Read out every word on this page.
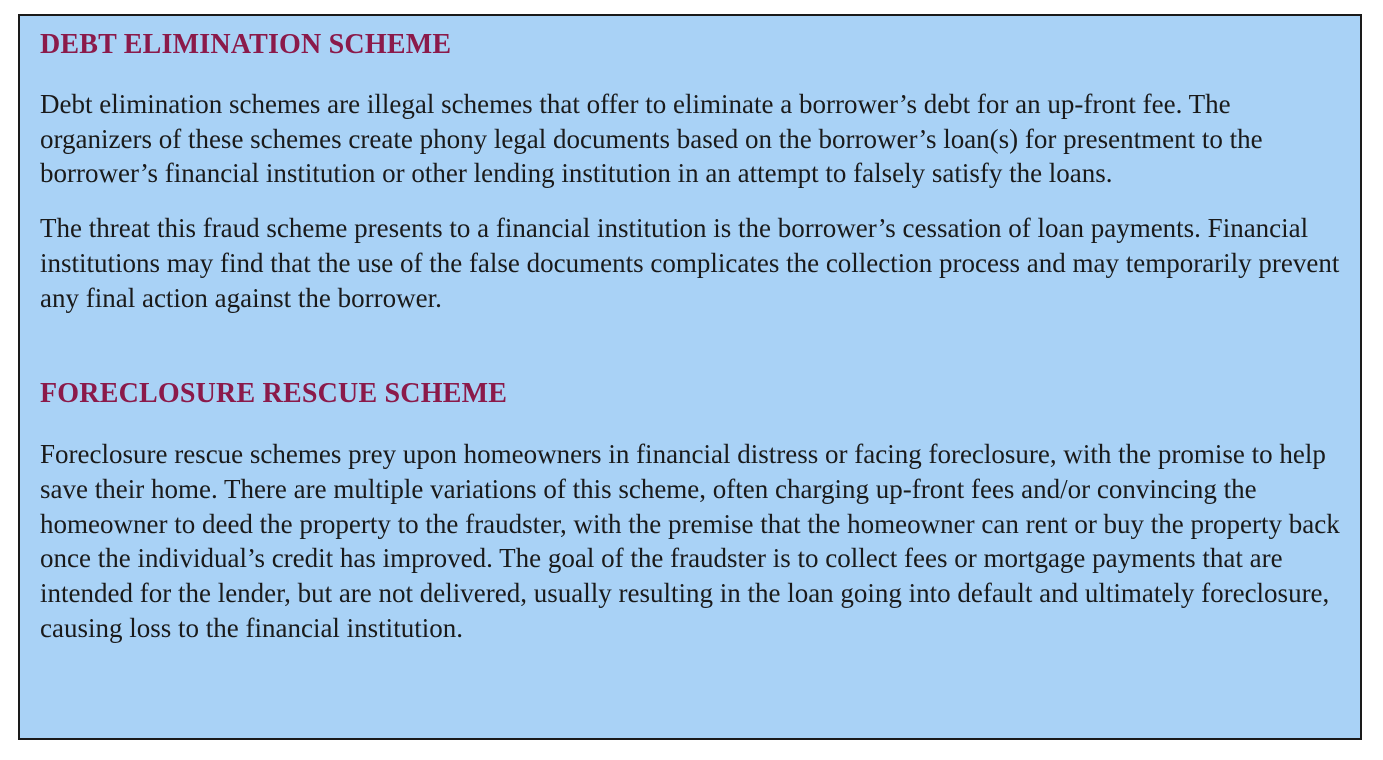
DEBT ELIMINATION SCHEME

Debt elimination schemes are illegal schemes that offer to eliminate a borrower’s debt for an up-front fee. The organizers of these schemes create phony legal documents based on the borrower’s loan(s) for presentment to the borrower’s financial institution or other lending institution in an attempt to falsely satisfy the loans.

The threat this fraud scheme presents to a financial institution is the borrower’s cessation of loan payments. Financial institutions may find that the use of the false documents complicates the collection process and may temporarily prevent any final action against the borrower.

FORECLOSURE RESCUE SCHEME

Foreclosure rescue schemes prey upon homeowners in financial distress or facing foreclosure, with the promise to help save their home. There are multiple variations of this scheme, often charging up-front fees and/or convincing the homeowner to deed the property to the fraudster, with the premise that the homeowner can rent or buy the property back once the individual’s credit has improved. The goal of the fraudster is to collect fees or mortgage payments that are intended for the lender, but are not delivered, usually resulting in the loan going into default and ultimately foreclosure, causing loss to the financial institution.
